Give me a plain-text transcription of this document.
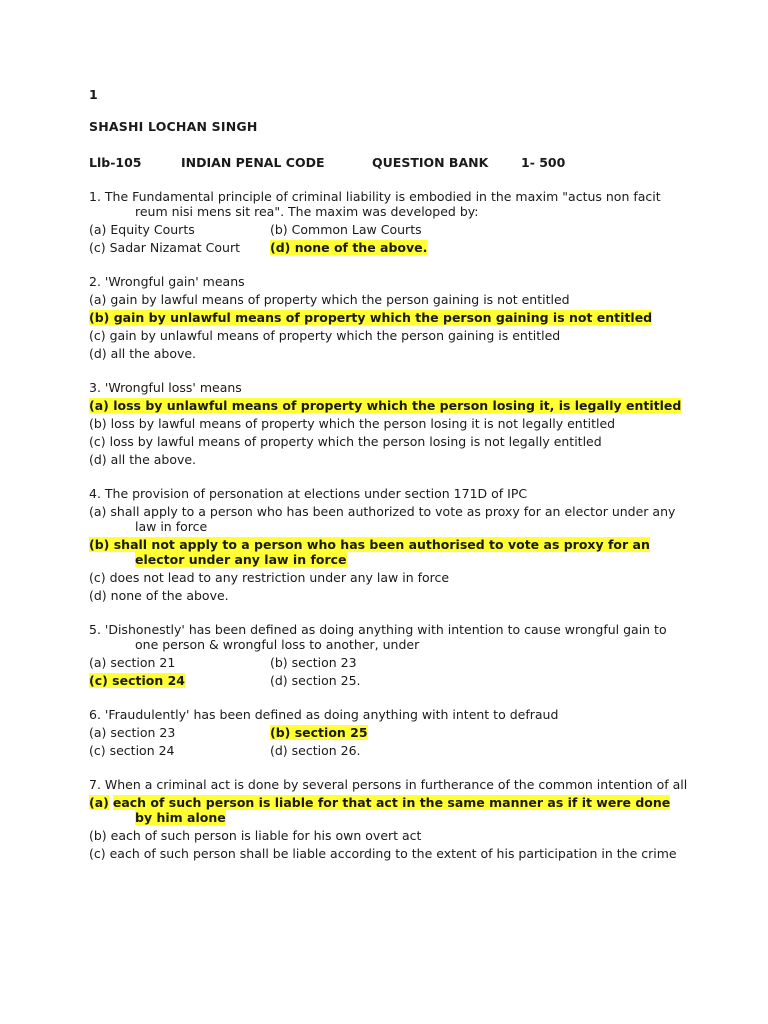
1
SHASHI LOCHAN SINGH
Llb-105	INDIAN PENAL CODE	QUESTION BANK	1- 500
1. The Fundamental principle of criminal liability is embodied in the maxim "actus non facit reum nisi mens sit rea". The maxim was developed by:
(a) Equity Courts	(b) Common Law Courts
(c) Sadar Nizamat Court	(d) none of the above.
2. 'Wrongful gain' means
(a) gain by lawful means of property which the person gaining is not entitled
(b) gain by unlawful means of property which the person gaining is not entitled
(c) gain by unlawful means of property which the person gaining is entitled
(d) all the above.
3. 'Wrongful loss' means
(a) loss by unlawful means of property which the person losing it, is legally entitled
(b) loss by lawful means of property which the person losing it is not legally entitled
(c) loss by lawful means of property which the person losing is not legally entitled
(d) all the above.
4. The provision of personation at elections under section 171D of IPC
(a) shall apply to a person who has been authorized to vote as proxy for an elector under any law in force
(b) shall not apply to a person who has been authorised to vote as proxy for an elector under any law in force
(c) does not lead to any restriction under any law in force
(d) none of the above.
5. 'Dishonestly' has been defined as doing anything with intention to cause wrongful gain to one person & wrongful loss to another, under
(a) section 21	(b) section 23
(c) section 24	(d) section 25.
6. 'Fraudulently' has been defined as doing anything with intent to defraud
(a) section 23	(b) section 25
(c) section 24	(d) section 26.
7. When a criminal act is done by several persons in furtherance of the common intention of all
(a) each of such person is liable for that act in the same manner as if it were done by him alone
(b) each of such person is liable for his own overt act
(c) each of such person shall be liable according to the extent of his participation in the crime
